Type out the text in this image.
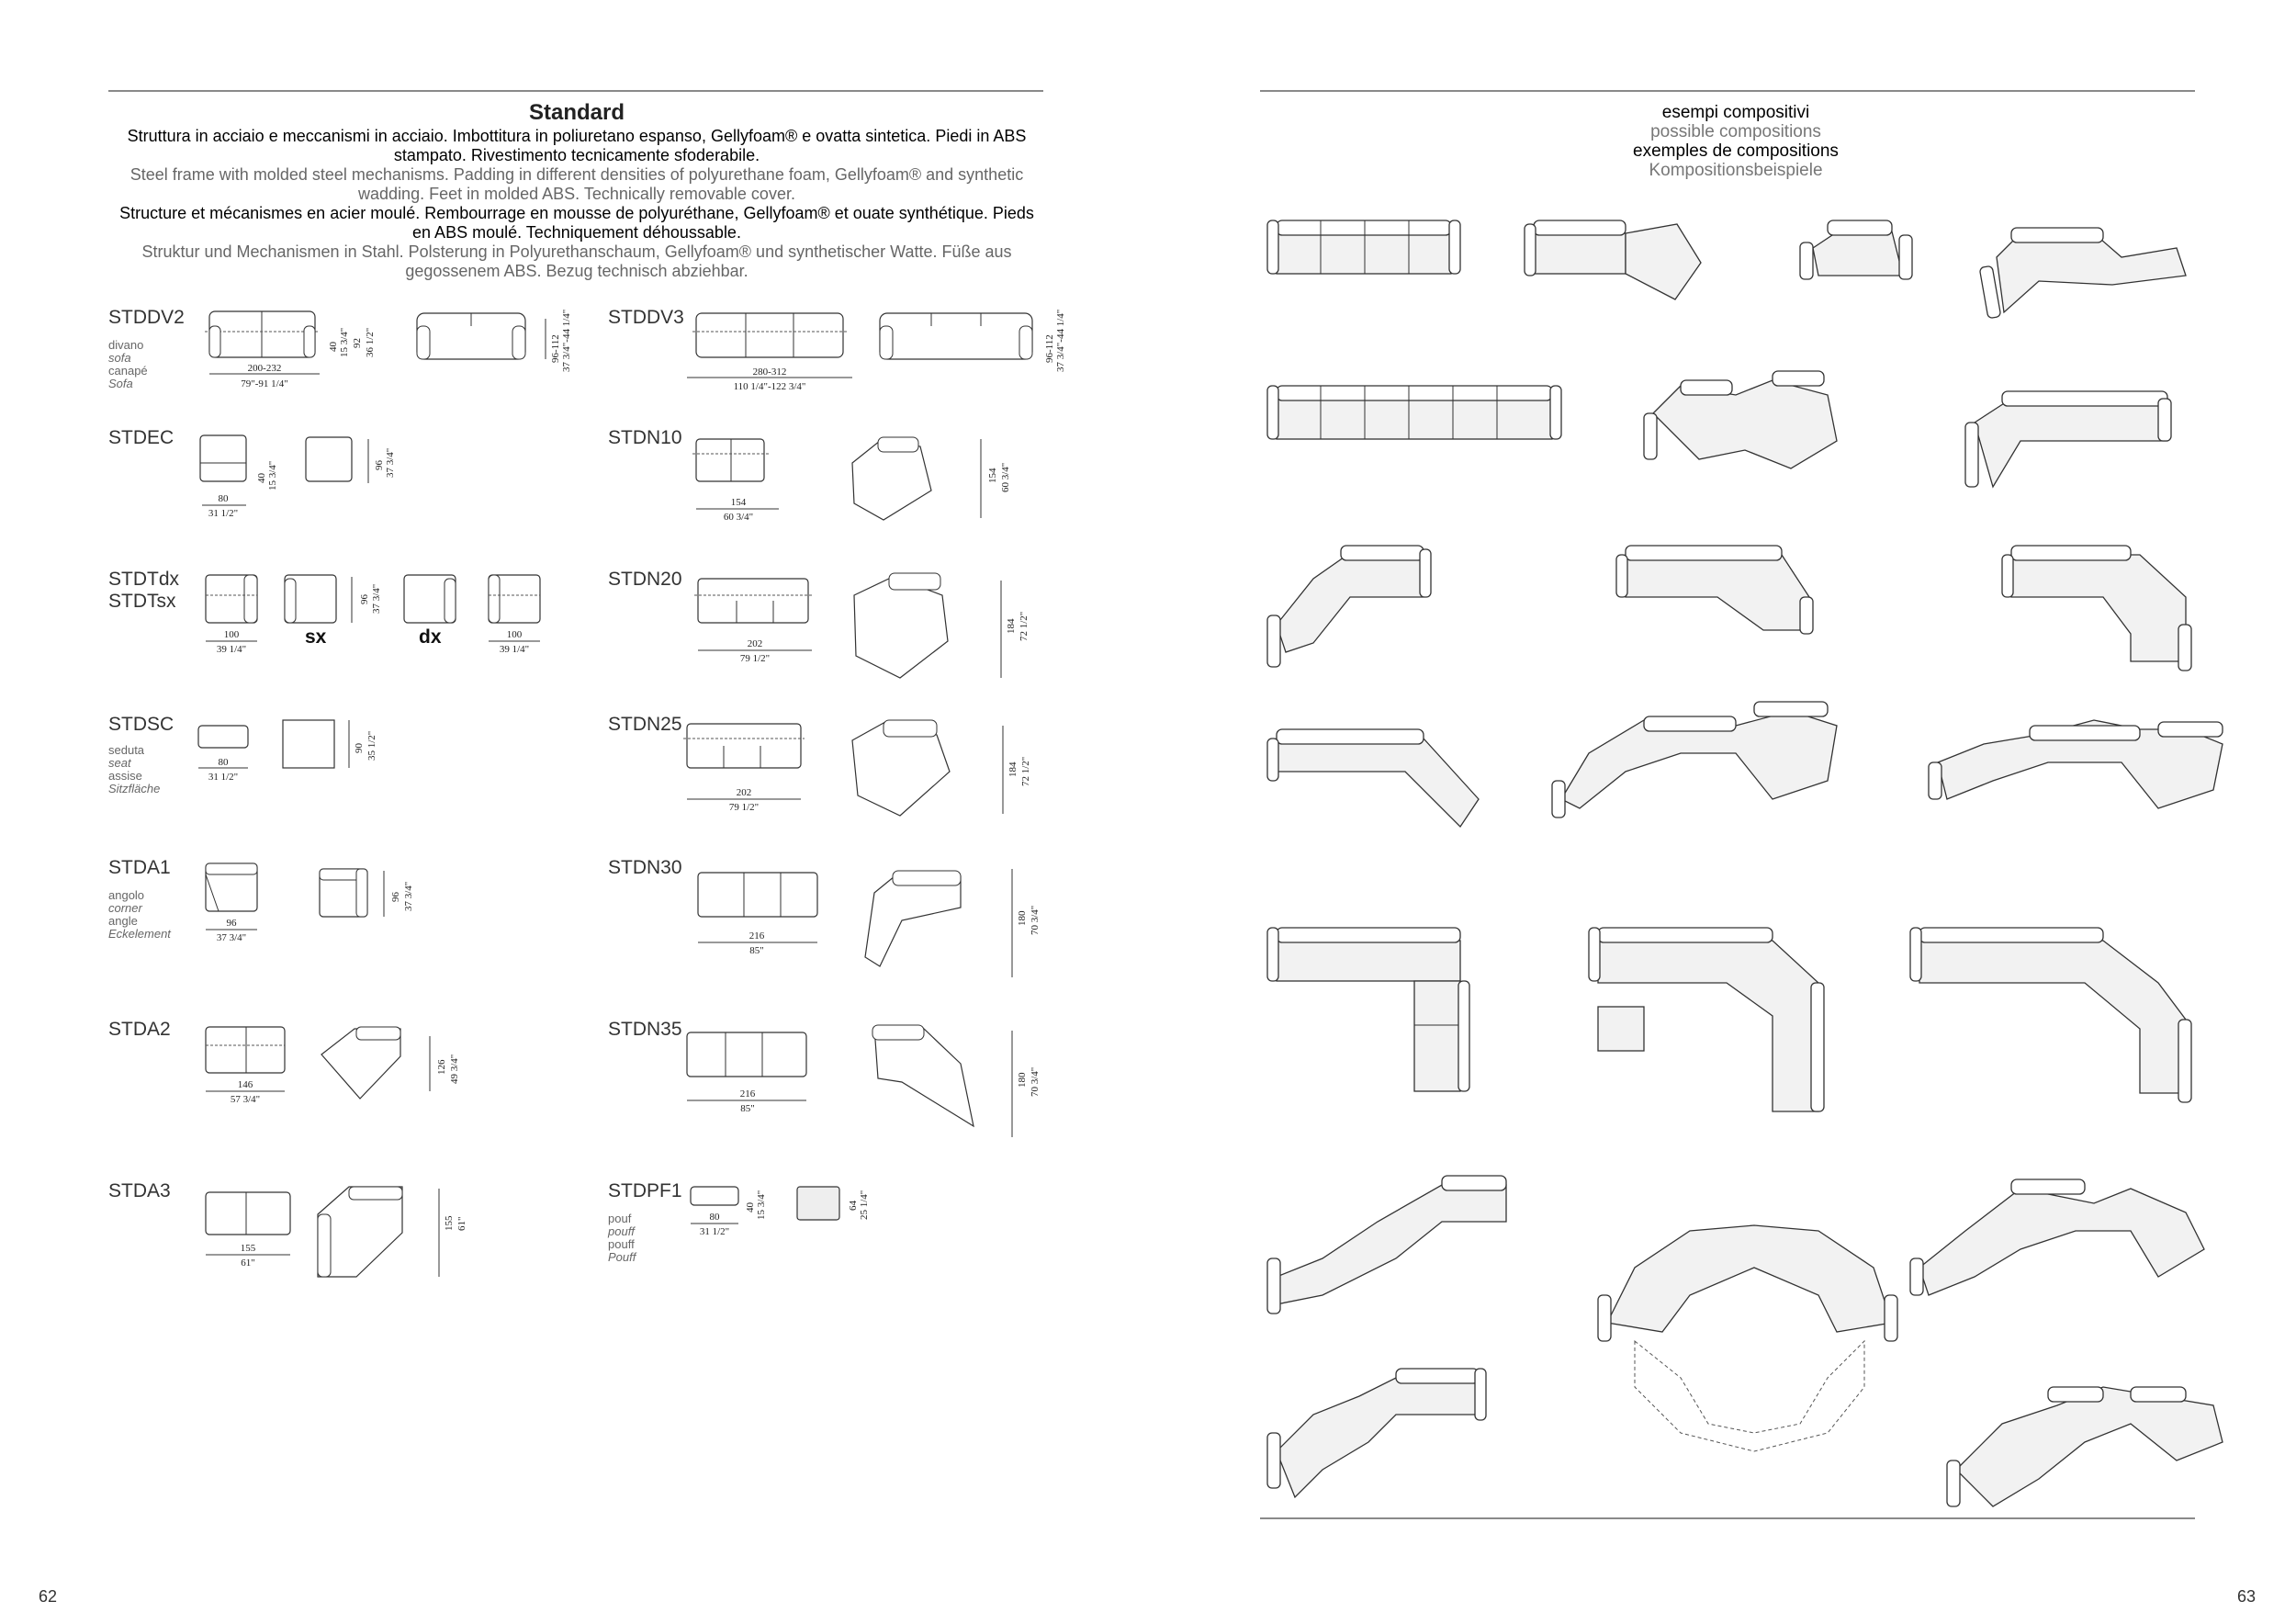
Standard
Struttura in acciaio e meccanismi in acciaio. Imbottitura in poliuretano espanso, Gellyfoam® e ovatta sintetica. Piedi in ABS stampato. Rivestimento tecnicamente sfoderabile.
Steel frame with molded steel mechanisms. Padding in different densities of polyurethane foam, Gellyfoam® and synthetic wadding. Feet in molded ABS. Technically removable cover.
Structure et mécanismes en acier moulé. Rembourrage en mousse de polyuréthane, Gellyfoam® et ouate synthétique. Pieds en ABS moulé. Techniquement déhoussable.
Struktur und Mechanismen in Stahl. Polsterung in Polyurethanschaum, Gellyfoam® und synthetischer Watte. Füße aus gegossenem ABS. Bezug technisch abziehbar.
esempi compositivi
possible compositions
exemples de compositions
Kompositionsbeispiele
STDDV2
divano
sofa
canapé
Sofa
200-232
79"-91 1/4"
40 15 3/4" 92 36 1/2"	96-112 37 3/4"-44 1/4"
STDEC
80
31 1/2"
40 15 3/4"	96 37 3/4"
STDTdx
STDTsx
100
39 1/4"
96 37 3/4"
100
39 1/4"
sx	dx
STDSC
seduta
seat
assise
Sitzfläche
80
31 1/2"
90 35 1/2"
STDA1
angolo
corner
angle
Eckelement
96
37 3/4"
96 37 3/4"
STDA2
146
57 3/4"
126 49 3/4"
STDA3
155
61"
155 61"
STDDV3
280-312
110 1/4"-122 3/4"
96-112 37 3/4"-44 1/4"
STDN10
154
60 3/4"
154 60 3/4"
STDN20
202
79 1/2"
184 72 1/2"
STDN25
202
79 1/2"
184 72 1/2"
STDN30
216
85"
180 70 3/4"
STDN35
216
85"
180 70 3/4"
STDPF1
pouf
pouff
pouff
Pouff
80
31 1/2"
40 15 3/4"	64 25 1/4"
62	63
